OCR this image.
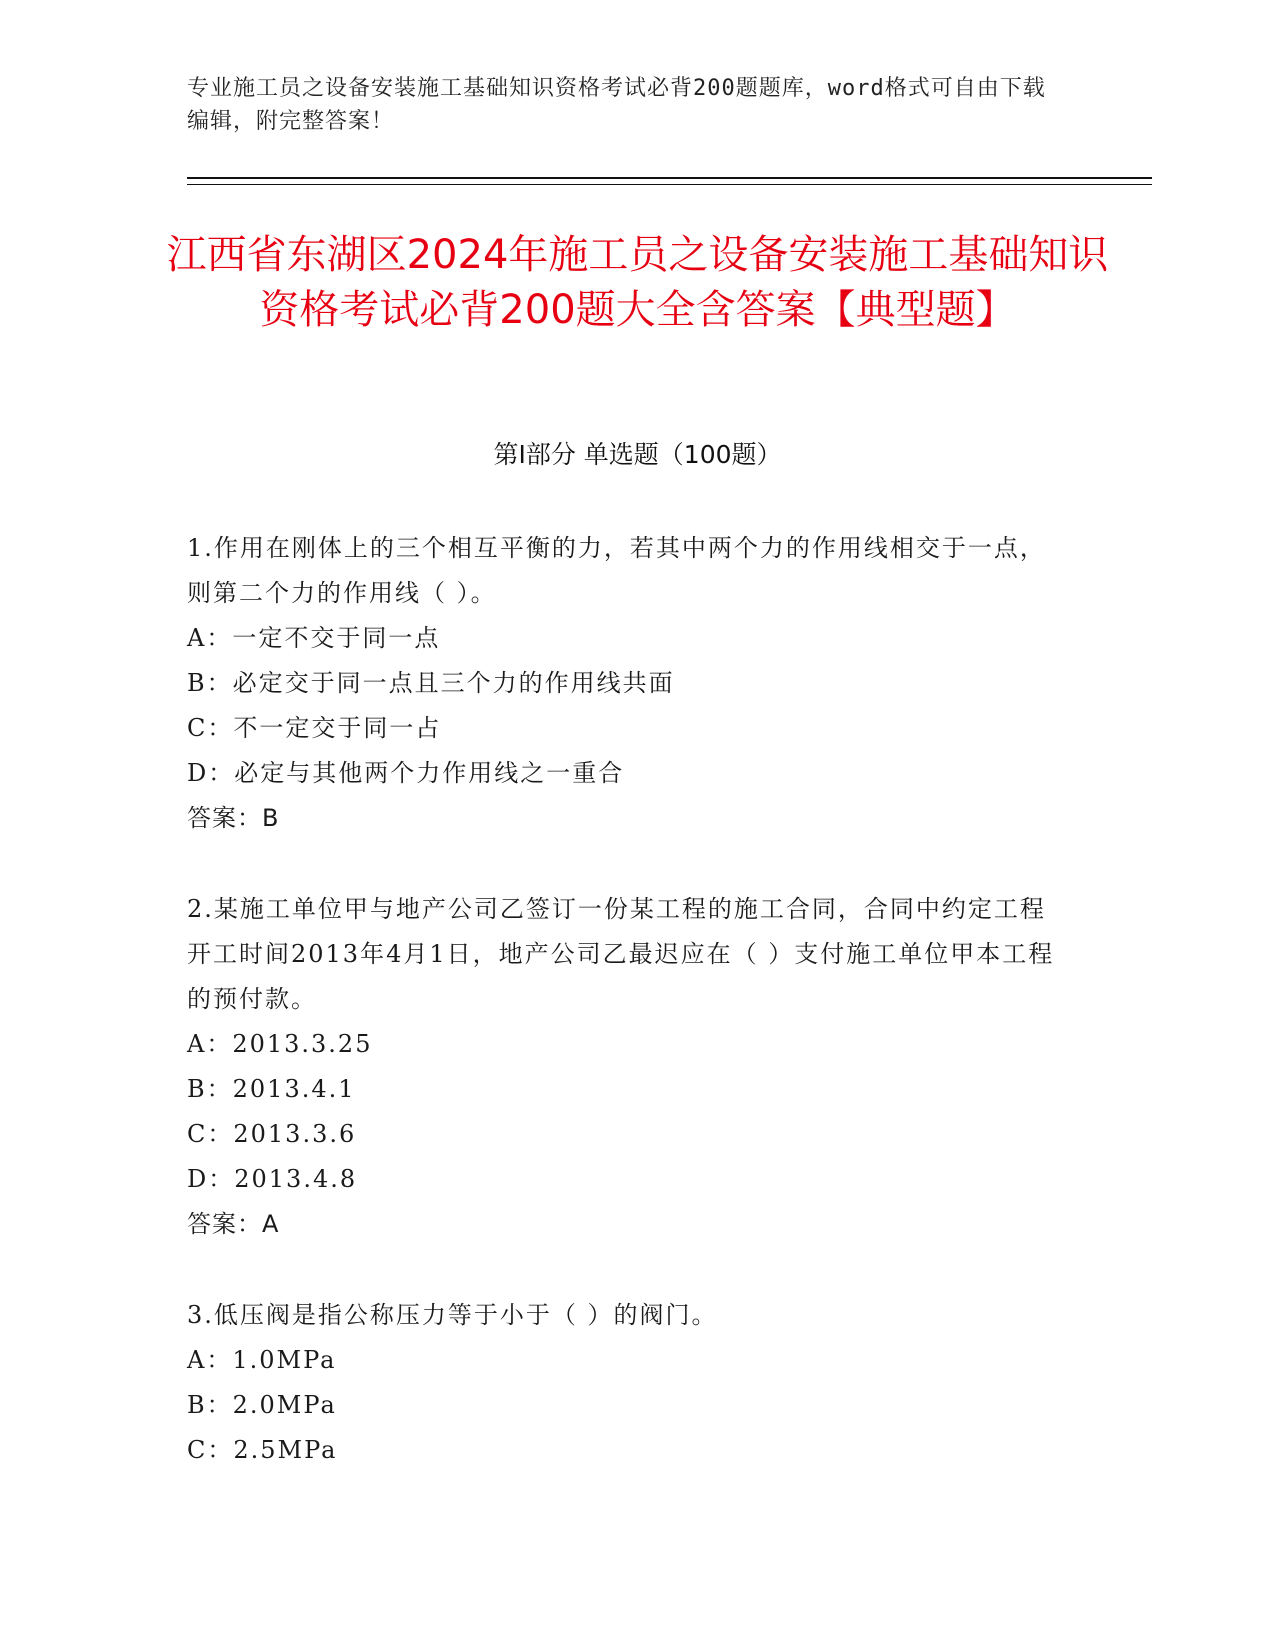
专业施工员之设备安装施工基础知识资格考试必背200题题库，word格式可自由下载编辑，附完整答案！
江西省东湖区2024年施工员之设备安装施工基础知识资格考试必背200题大全含答案【典型题】
第I部分 单选题（100题）
1.作用在刚体上的三个相互平衡的力，若其中两个力的作用线相交于一点，则第二个力的作用线（ ）。
A：一定不交于同一点
B：必定交于同一点且三个力的作用线共面
C：不一定交于同一占
D：必定与其他两个力作用线之一重合
答案：B
2.某施工单位甲与地产公司乙签订一份某工程的施工合同，合同中约定工程开工时间2013年4月1日，地产公司乙最迟应在（ ）支付施工单位甲本工程的预付款。
A：2013.3.25
B：2013.4.1
C：2013.3.6
D：2013.4.8
答案：A
3.低压阀是指公称压力等于小于（ ）的阀门。
A：1.0MPa
B：2.0MPa
C：2.5MPa
